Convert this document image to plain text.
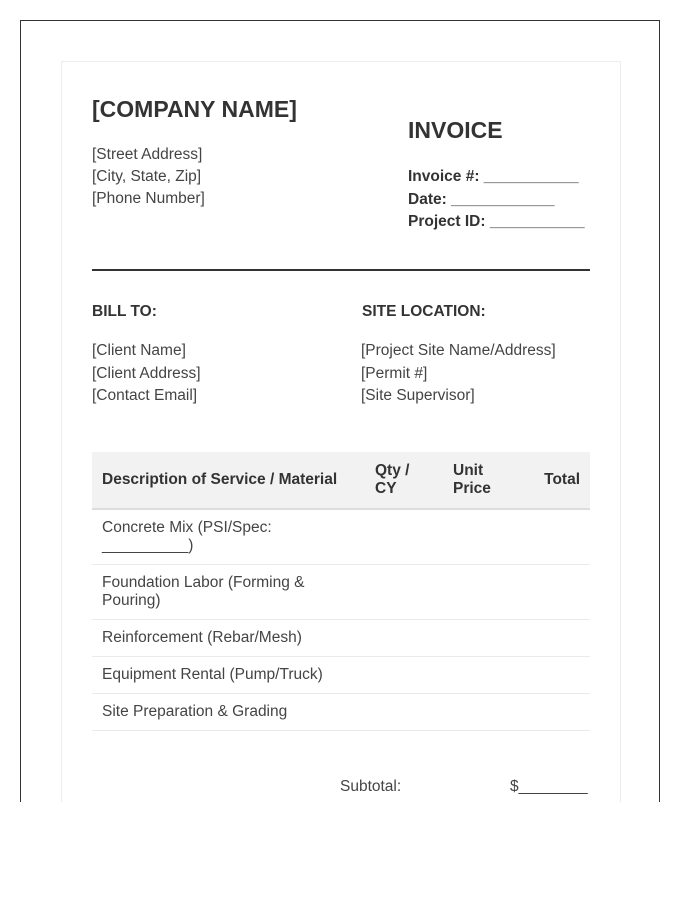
[COMPANY NAME]
[Street Address]
[City, State, Zip]
[Phone Number]
INVOICE
Invoice #: ___________
Date: ____________
Project ID: ___________
BILL TO:	SITE LOCATION:
[Client Name]
[Client Address]
[Contact Email]
[Project Site Name/Address]
[Permit #]
[Site Supervisor]
Description of Service / Material	Qty / CY	Unit Price	Total
Concrete Mix (PSI/Spec: __________)			
Foundation Labor (Forming & Pouring)			
Reinforcement (Rebar/Mesh)			
Equipment Rental (Pump/Truck)			
Site Preparation & Grading			
Subtotal:	$________
